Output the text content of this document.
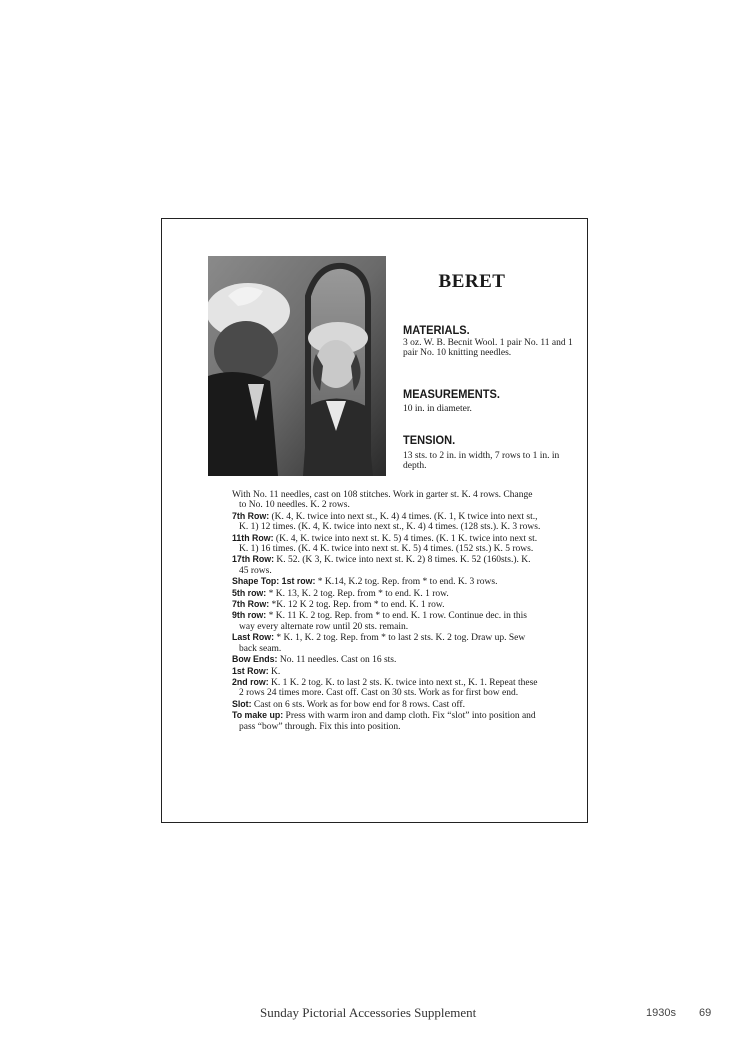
BERET
MATERIALS.

3 oz. W. B. Becnit Wool. 1 pair No. 11 and 1 pair No. 10 knitting needles.

MEASUREMENTS.

10 in. in diameter.

TENSION.

13 sts. to 2 in. in width, 7 rows to 1 in. in depth.

With No. 11 needles, cast on 108 stitches. Work in garter st. K. 4 rows. Change to No. 10 needles. K. 2 rows.

7th Row: (K. 4, K. twice into next st., K. 4) 4 times. (K. 1, K twice into next st., K. 1) 12 times. (K. 4, K. twice into next st., K. 4) 4 times. (128 sts.). K. 3 rows.

11th Row: (K. 4, K. twice into next st. K. 5) 4 times. (K. 1 K. twice into next st. K. 1) 16 times. (K. 4 K. twice into next st. K. 5) 4 times. (152 sts.) K. 5 rows.

17th Row: K. 52. (K 3, K. twice into next st. K. 2) 8 times. K. 52 (160sts.). K. 45 rows.

Shape Top: 1st row: * K.14, K.2 tog. Rep. from * to end. K. 3 rows.

5th row: * K. 13, K. 2 tog. Rep. from * to end. K. 1 row.

7th Row: *K. 12 K 2 tog. Rep. from * to end. K. 1 row.

9th row: * K. 11 K. 2 tog. Rep. from * to end. K. 1 row. Continue dec. in this way every alternate row until 20 sts. remain.

Last Row: * K. 1, K. 2 tog. Rep. from * to last 2 sts. K. 2 tog. Draw up. Sew back seam.

Bow Ends: No. 11 needles. Cast on 16 sts.

1st Row: K.

2nd row: K. 1 K. 2 tog. K. to last 2 sts. K. twice into next st., K. 1. Repeat these 2 rows 24 times more. Cast off. Cast on 30 sts. Work as for first bow end.

Slot: Cast on 6 sts. Work as for bow end for 8 rows. Cast off.

To make up: Press with warm iron and damp cloth. Fix “slot” into position and pass “bow” through. Fix this into position.

Sunday Pictorial Accessories Supplement	1930s 69
